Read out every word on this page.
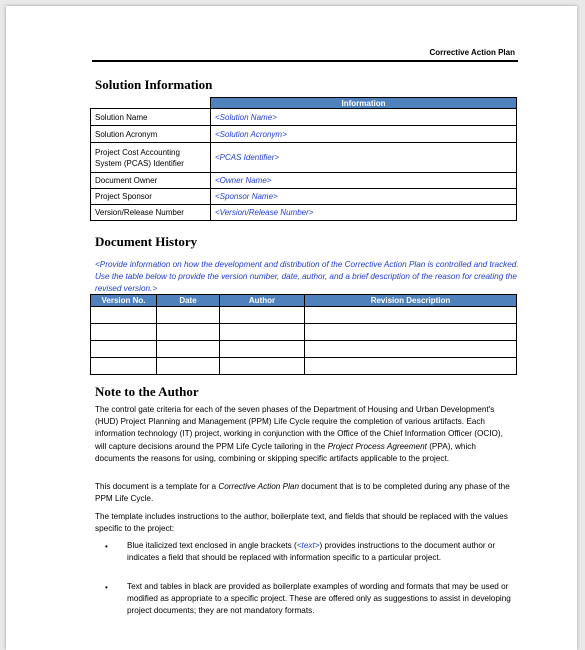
Corrective Action Plan
Solution Information
	Information
Solution Name	<Solution Name>
Solution Acronym	<Solution Acronym>
Project Cost Accounting System (PCAS) Identifier	<PCAS Identifier>
Document Owner	<Owner Name>
Project Sponsor	<Sponsor Name>
Version/Release Number	<Version/Release Number>
Document History
<Provide information on how the development and distribution of the Corrective Action Plan is controlled and tracked. Use the table below to provide the version number, date, author, and a brief description of the reason for creating the revised version.>
Version No.	Date	Author	Revision Description

Note to the Author
The control gate criteria for each of the seven phases of the Department of Housing and Urban Development's (HUD) Project Planning and Management (PPM) Life Cycle require the completion of various artifacts. Each information technology (IT) project, working in conjunction with the Office of the Chief Information Officer (OCIO), will capture decisions around the PPM Life Cycle tailoring in the Project Process Agreement (PPA), which documents the reasons for using, combining or skipping specific artifacts applicable to the project.
This document is a template for a Corrective Action Plan document that is to be completed during any phase of the PPM Life Cycle.
The template includes instructions to the author, boilerplate text, and fields that should be replaced with the values specific to the project:
• Blue italicized text enclosed in angle brackets (<text>) provides instructions to the document author or indicates a field that should be replaced with information specific to a particular project.
• Text and tables in black are provided as boilerplate examples of wording and formats that may be used or modified as appropriate to a specific project. These are offered only as suggestions to assist in developing project documents; they are not mandatory formats.
